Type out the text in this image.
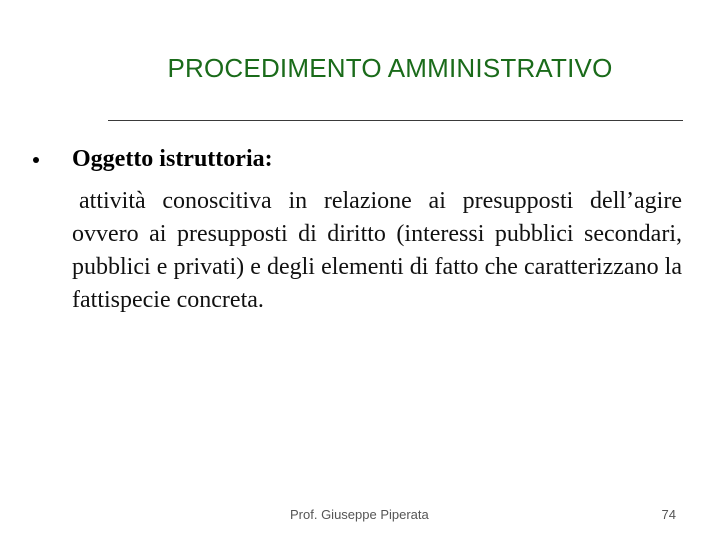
PROCEDIMENTO AMMINISTRATIVO
Oggetto istruttoria:
attività conoscitiva in relazione ai presupposti dell’agire ovvero ai presupposti di diritto (interessi pubblici secondari, pubblici e privati) e degli elementi di fatto che caratterizzano la fattispecie concreta.
Prof. Giuseppe Piperata	74
